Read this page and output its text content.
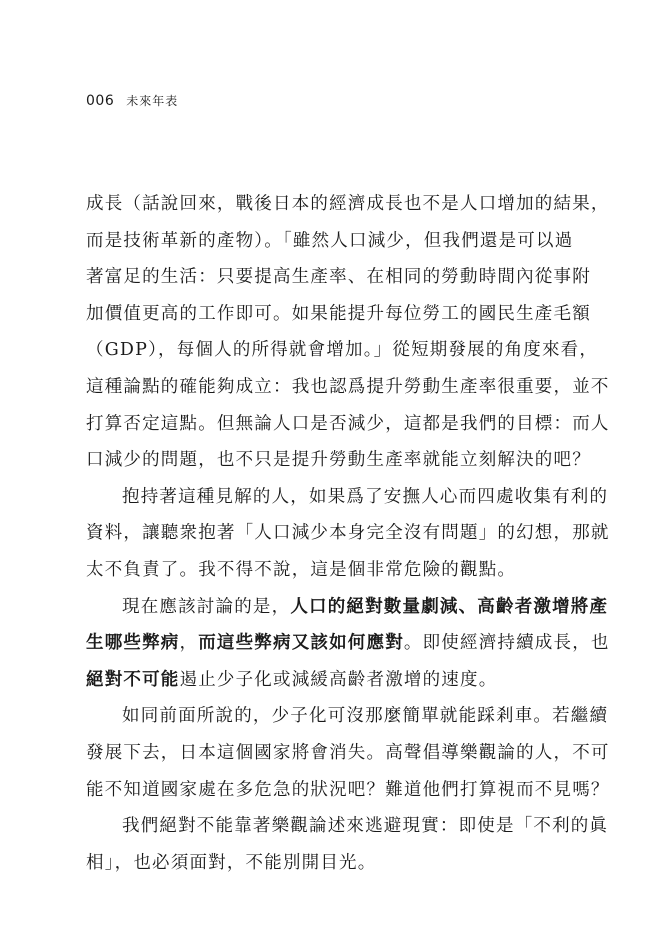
006 未來年表
成長（話說回來，戰後日本的經濟成長也不是人口增加的結果，
而是技術革新的產物）。「雖然人口減少，但我們還是可以過
著富足的生活：只要提高生產率、在相同的勞動時間內從事附
加價值更高的工作即可。如果能提升每位勞工的國民生產毛額
（GDP），每個人的所得就會增加。」從短期發展的角度來看，
這種論點的確能夠成立：我也認爲提升勞動生產率很重要，並不
打算否定這點。但無論人口是否減少，這都是我們的目標：而人
口減少的問題，也不只是提升勞動生產率就能立刻解決的吧？
抱持著這種見解的人，如果爲了安撫人心而四處收集有利的
資料，讓聽衆抱著「人口減少本身完全沒有問題」的幻想，那就
太不負責了。我不得不說，這是個非常危險的觀點。
現在應該討論的是，人口的絕對數量劇減、高齡者激增將產
生哪些弊病，而這些弊病又該如何應對。即使經濟持續成長，也
絕對不可能遏止少子化或減緩高齡者激增的速度。
如同前面所說的，少子化可沒那麼簡單就能踩剎車。若繼續
發展下去，日本這個國家將會消失。高聲倡導樂觀論的人，不可
能不知道國家處在多危急的狀況吧？難道他們打算視而不見嗎？
我們絕對不能靠著樂觀論述來逃避現實：即使是「不利的眞
相」，也必須面對，不能別開目光。
